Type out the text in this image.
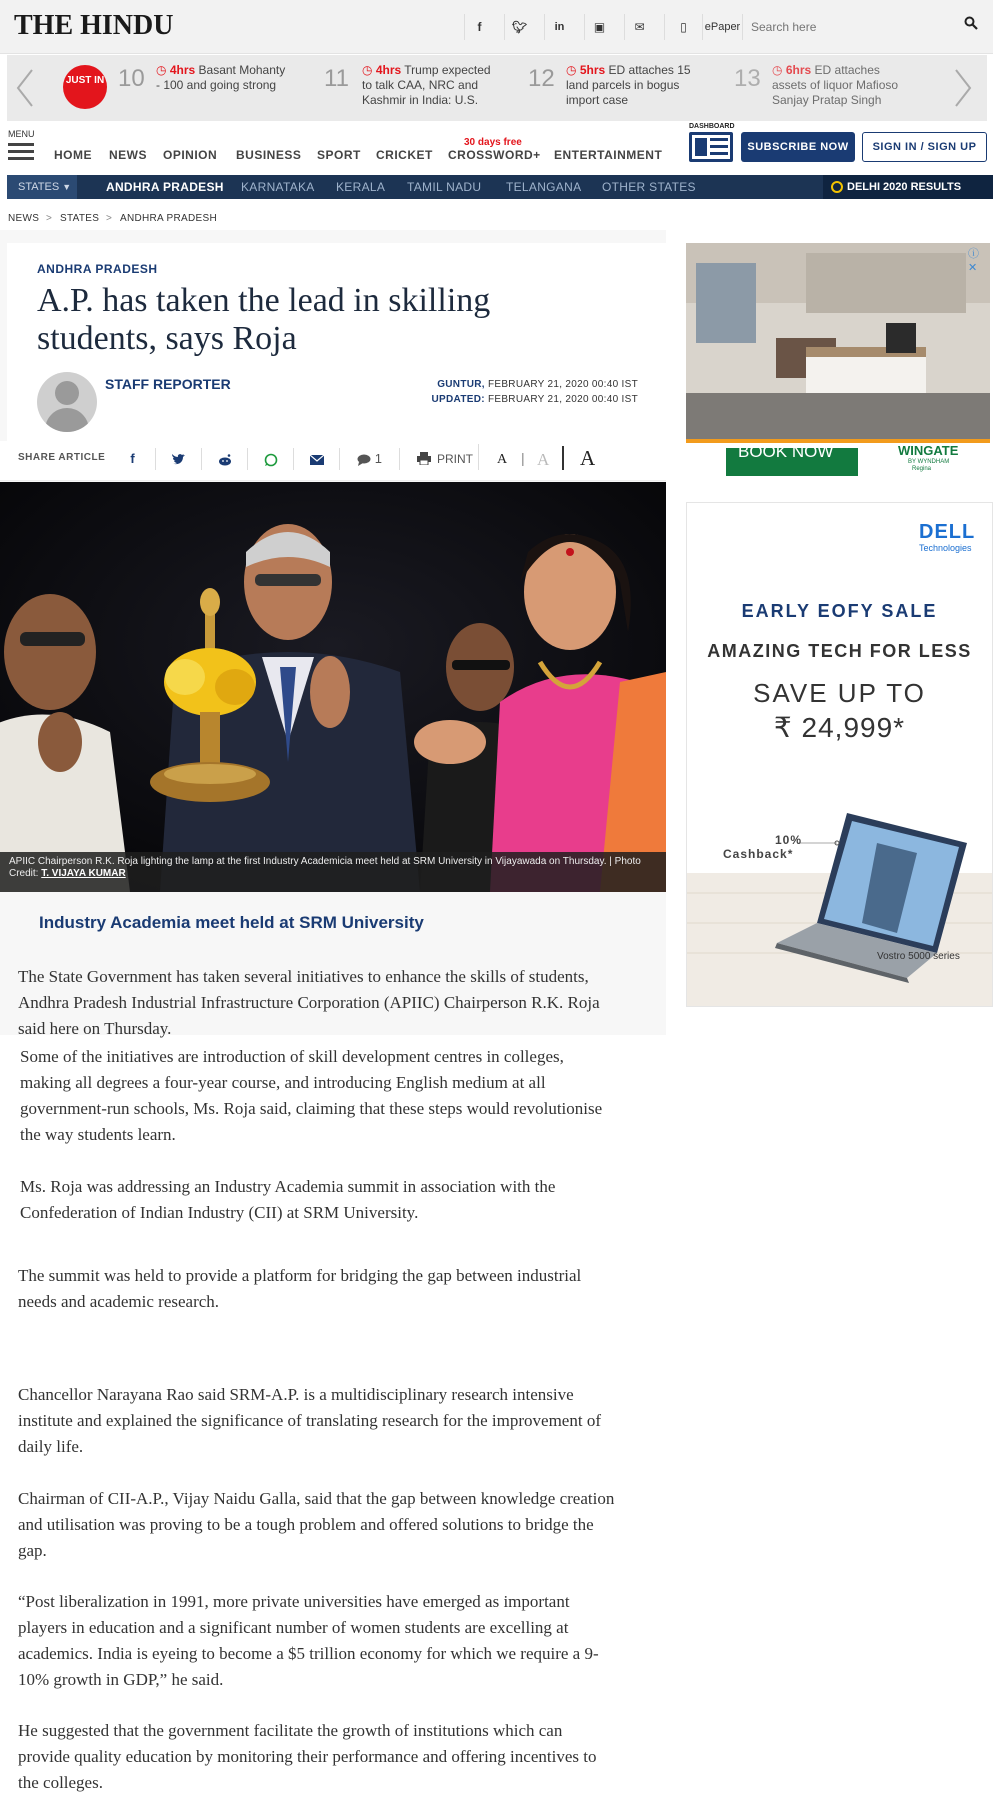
THE HINDU	f	🐦︎	in	▣	✉	▯	ePaper
Search here
JUST IN 10 ◷ 4hrs Basant Mohanty - 100 and going strong	11 ◷ 4hrs Trump expected to talk CAA, NRC and Kashmir in India: U.S.
12 ◷ 5hrs ED attaches 15 land parcels in bogus import case
13 ◷ 6hrs ED attaches assets of liquor Mafioso Sanjay Pratap Singh
MENU
HOME NEWS OPINION BUSINESS SPORT CRICKET
30 days free
CROSSWORD+ ENTERTAINMENT
DASHBOARD
SUBSCRIBE NOW	SIGN IN / SIGN UP
STATES ▼	ANDHRA PRADESH KARNATAKA KERALA TAMIL NADU TELANGANA OTHER STATES	DELHI 2020 RESULTS
NEWS > STATES > ANDHRA PRADESH
ANDHRA PRADESH
A.P. has taken the lead in skilling students, says Roja
STAFF REPORTER	GUNTUR, FEBRUARY 21, 2020 00:40 IST
UPDATED: FEBRUARY 21, 2020 00:40 IST
SHARE ARTICLE	f	1	PRINT A | A A
APIIC Chairperson R.K. Roja lighting the lamp at the first Industry Academicia meet held at SRM University in Vijayawada on Thursday. | Photo Credit: T. VIJAYA KUMAR
BOOK NOW	WINGATE
BY WYNDHAM
Regina
ⓘ ✕
DELL
Technologies
EARLY EOFY SALE
AMAZING TECH FOR LESS
SAVE UP TO
₹ 24,999*
10%
Cashback*
Vostro 5000 series
Industry Academia meet held at SRM University

The State Government has taken several initiatives to enhance the skills of students, Andhra Pradesh Industrial Infrastructure Corporation (APIIC) Chairperson R.K. Roja said here on Thursday.

Some of the initiatives are introduction of skill development centres in colleges, making all degrees a four-year course, and introducing English medium at all government-run schools, Ms. Roja said, claiming that these steps would revolutionise the way students learn.

Ms. Roja was addressing an Industry Academia summit in association with the Confederation of Indian Industry (CII) at SRM University.

The summit was held to provide a platform for bridging the gap between industrial needs and academic research.

Chancellor Narayana Rao said SRM-A.P. is a multidisciplinary research intensive institute and explained the significance of translating research for the improvement of daily life.

Chairman of CII-A.P., Vijay Naidu Galla, said that the gap between knowledge creation and utilisation was proving to be a tough problem and offered solutions to bridge the gap.

“Post liberalization in 1991, more private universities have emerged as important players in education and a significant number of women students are excelling at academics. India is eyeing to become a $5 trillion economy for which we require a 9-10% growth in GDP,” he said.

He suggested that the government facilitate the growth of institutions which can provide quality education by monitoring their performance and offering incentives to the colleges.
